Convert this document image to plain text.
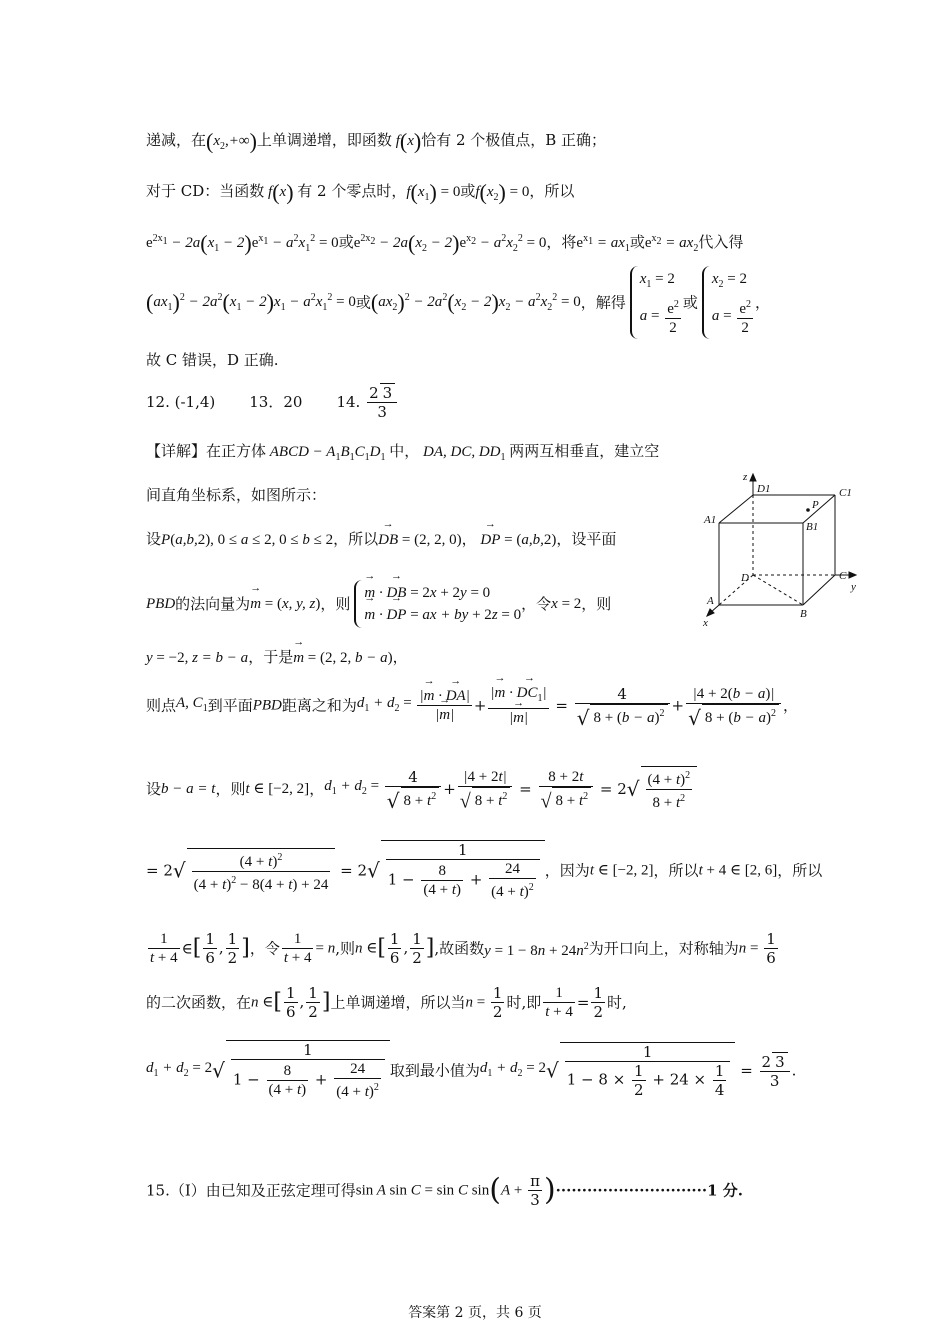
递减，在$(x_2,+\infty)$上单调递增，即函数 f(x)恰有 2 个极值点，B 正确；
对于 CD：当函数 f(x) 有 2 个零点时，$f(x_1) = 0$或$f(x_2) = 0$，所以
$e^{2x_1} - 2a(x_1 - 2)e^{x_1} - a^2x_1^2 = 0$或$e^{2x_2} - 2a(x_2 - 2)e^{x_2} - a^2x_2^2 = 0$，将$e^{x_1} = ax_1$或$e^{x_2} = ax_2$代入得
$(ax_1)^2 - 2a^2(x_1 - 2)x_1 - a^2x_1^2 = 0$或$(ax_2)^2 - 2a^2(x_2 - 2)x_2 - a^2x_2^2 = 0$，解得
$x_1 = 2$
$a = \frac{e^2}{2}$ 或
$x_2 = 2$
$a = \frac{e^2}{2}$ ，
故 C 错误，D 正确.
12. (-1,4) 13．20 14. $\frac{2 3}{3}$
【详解】在正方体 ABCD − $A_1B_1C_1D_1$ 中， DA, DC, $DD_1$ 两两互相垂直，建立空
间直角坐标系，如图所示：
设P(a,b,2), 0 ≤ a ≤ 2, 0 ≤ b ≤ 2，所以→ DB = (2, 2, 0)， → DP = (a,b,2)，设平面
PBD的法向量为→ m = (x, y, z)，则
→ m · → DB = 2x + 2y = 0
→ m · → DP = ax + by + 2z = 0
，令x = 2，则
y = −2, z = b − a，于是→ m = (2, 2, b − a)，
则点A, $C_1$到平面PBD距离之和为$d_1 + d_2 = \frac{|\to m \cdot \to DA|}{|\to m|} + \frac{|\to m \cdot \to DC_1|}{|\to m|} = \frac{4}{√ 8 + (b - a)^2} + \frac{|4 + 2(b - a)|}{√ 8 + (b - a)^2}$ ，
设b − a = t，则t ∈ [−2, 2]，$d_1 + d_2 = \frac{4}{√ 8 + t^2} + \frac{|4 + 2t|}{√ 8 + t^2} = \frac{8 + 2t}{√ 8 + t^2} = 2√ \frac{(4 + t)^2}{8 + t^2}$
= $2√ \frac{(4 + t)^2}{(4 + t)^2 - 8(4 + t) + 24} = 2√ \frac{1}{1 - \frac{8}{(4 + t)} + \frac{24}{(4 + t)^2}}$ ，因为t ∈ [−2, 2]，所以t + 4 ∈ [2, 6]，所以
$\frac{1}{t + 4}$ ∈[ $\frac{1}{6}$ , $\frac{1}{2}$ ]，令 $\frac{1}{t + 4} = n$,则n ∈[ $\frac{1}{6}$ , $\frac{1}{2}$ ],故函数$y = 1 - 8n + 24n^2$为开口向上，对称轴为$n = \frac{1}{6}$
的二次函数，在n ∈[ $\frac{1}{6}$ , $\frac{1}{2}$ ]上单调递增，所以当$n = \frac{1}{2}$ 时,即 $\frac{1}{t + 4} = \frac{1}{2}$ 时,
$d_1 + d_2 = 2√ \frac{1}{1 - \frac{8}{(4 + t)} + \frac{24}{(4 + t)^2}}$ 取到最小值为$d_1 + d_2 = 2√ \frac{1}{1 - 8 \times \frac{1}{2} + 24 \times \frac{1}{4}} = \frac{2 3}{3}$ .
15.（I）由已知及正弦定理可得sin A sin C = sin C $\sin(A + \frac{\pi}{3} )\cdot\cdot\cdot\cdot\cdot\cdot\cdot\cdot\cdot\cdot\cdot\cdot\cdot\cdot\cdot\cdot\cdot\cdot\cdot\cdot\cdot\cdot\cdot\cdot\cdot\cdot\cdot\cdot\cdot 1$ 分.
z
D1
P
C1
A1
B1
D	C
y
A
B
x
答案第 2 页，共 6 页
